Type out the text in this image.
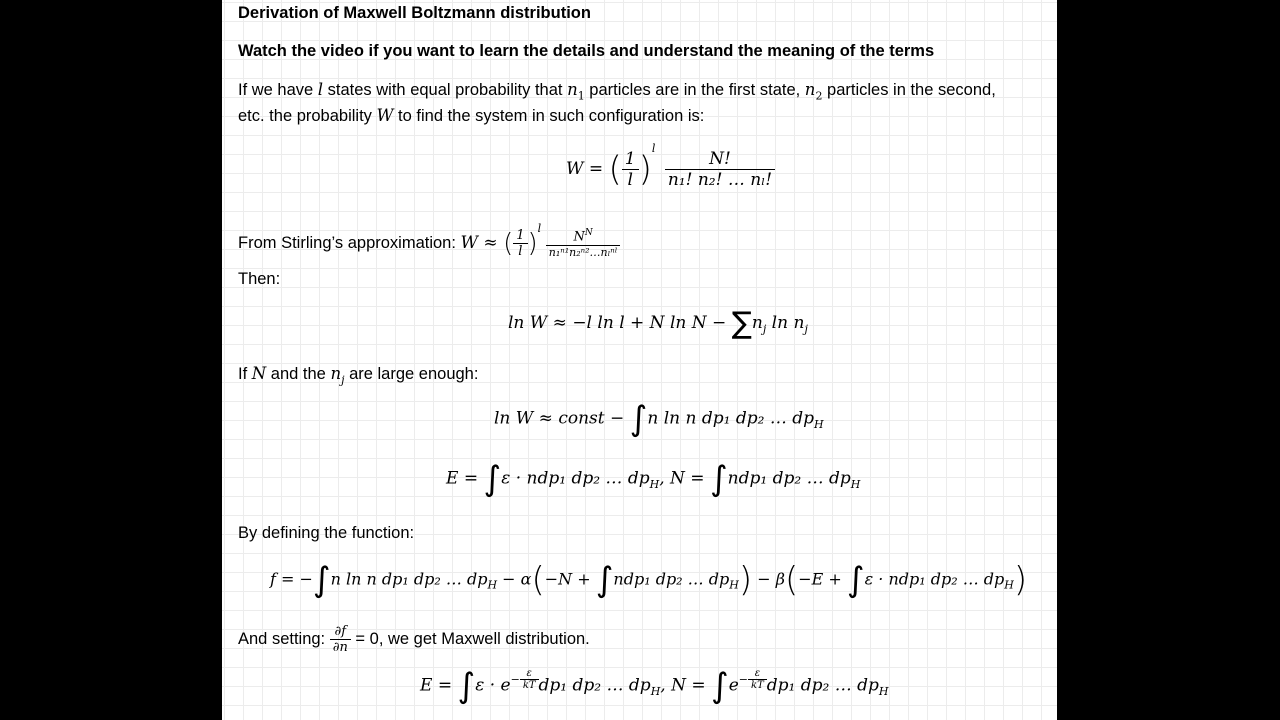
Derivation of Maxwell Boltzmann distribution
Watch the video if you want to learn the details and understand the meaning of the terms
If we have l states with equal probability that $n_1$ particles are in the first state, $n_2$ particles in the second,
etc. the probability W to find the system in such configuration is:
W = ( $\frac{1}{l} )^l$
$\frac{N!}{\text{n₁! n₂! … nₗ!}}$
From Stirling’s approximation: W ≈ ( $\frac{1}{l} )^l \frac{N^N}{\text{n₁ⁿ¹n₂ⁿ²…nₗⁿˡ}}$
Then:
ln W ≈ −l ln l + N $\ln N - \sum n_j$ $\ln n_j$
If N and the $n_j$ are large enough:
ln W ≈ const − ∫n ln n dp₁ dp₂ … $dp_H$
E = ∫ε · ndp₁ dp₂ … $dp_H$, N = ∫ndp₁ dp₂ … $dp_H$
By defining the function:
f = −∫n ln n dp₁ dp₂ … $dp_H - \alpha(-N + \int ndp_1$ dp₂ … $dp_H) - \beta(-E + \int\varepsilon \cdot ndp_1$ dp₂ … $dp_H$)
And setting: $\frac{\partial f}{\partial n} = 0$, we get Maxwell distribution.
$E = \int\varepsilon \cdot e^{- \frac{\varepsilon}{kT}}$ dp₁ dp₂ … $dp_H$, $N = \int e^{- \frac{\varepsilon}{kT}}$ dp₁ dp₂ … $dp_H$
